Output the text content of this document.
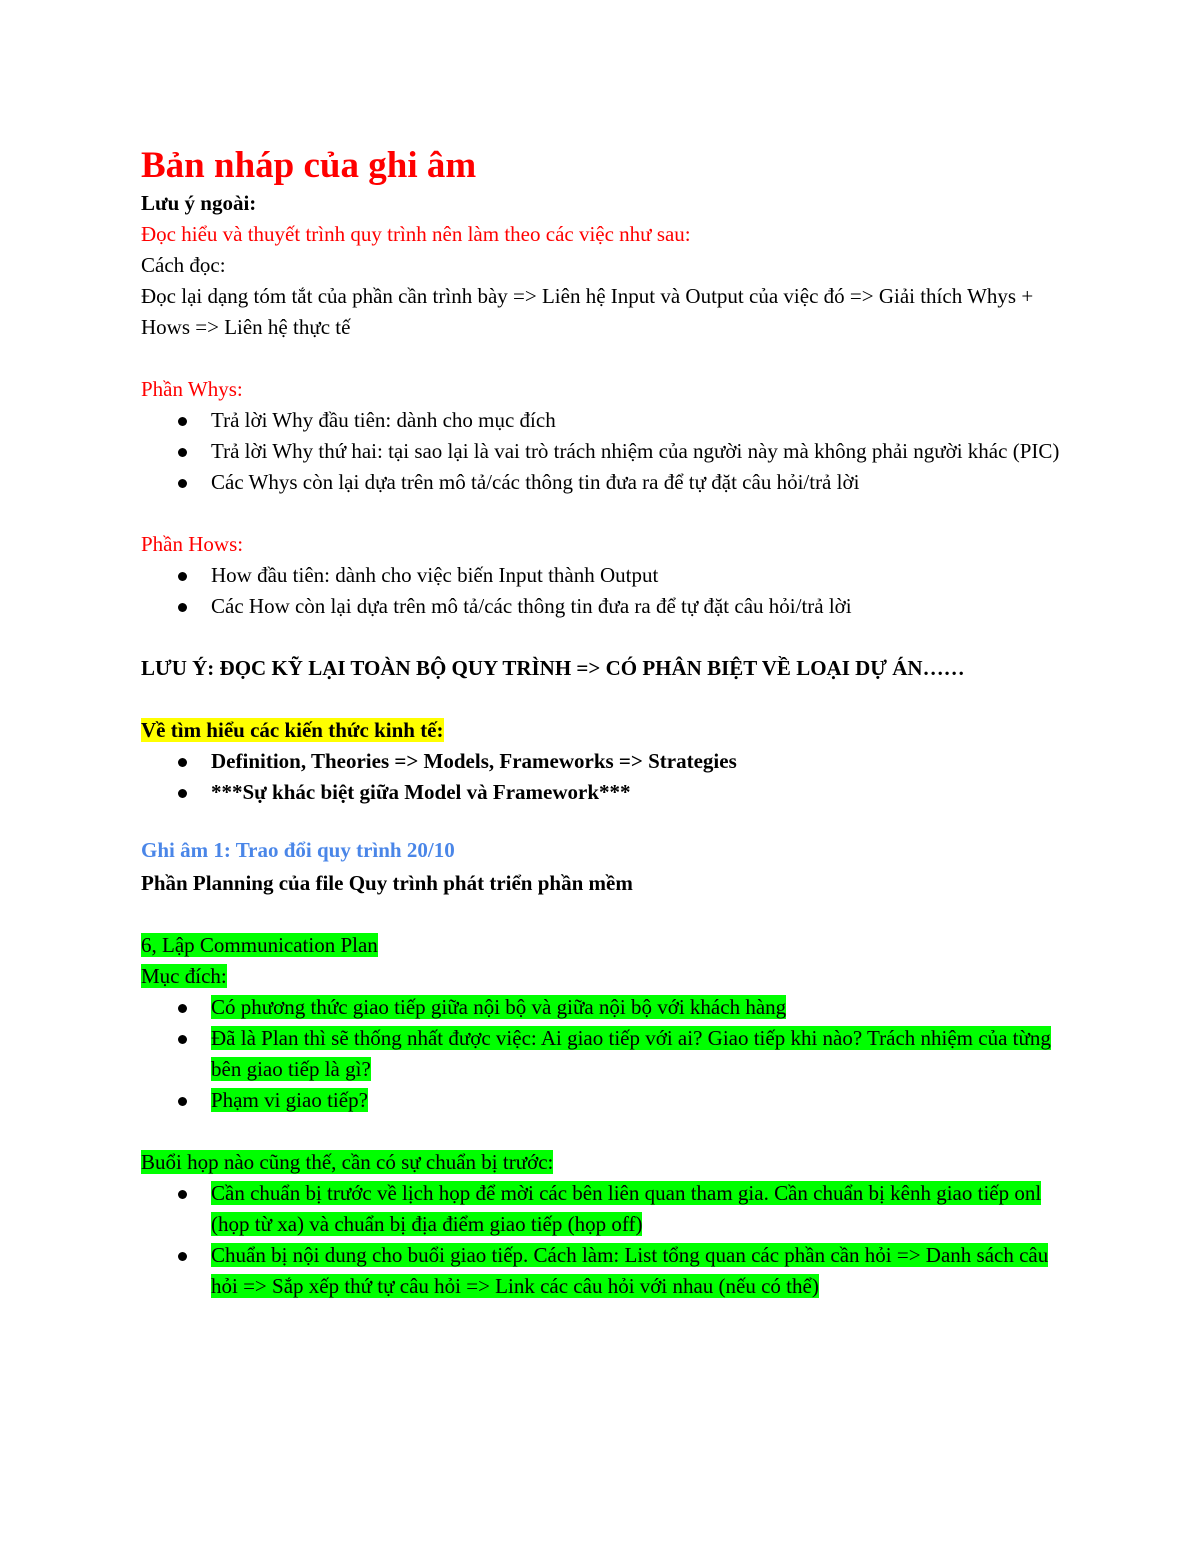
Bản nháp của ghi âm

Lưu ý ngoài:

Đọc hiểu và thuyết trình quy trình nên làm theo các việc như sau:

Cách đọc:

Đọc lại dạng tóm tắt của phần cần trình bày => Liên hệ Input và Output của việc đó => Giải thích Whys + Hows => Liên hệ thực tế

Phần Whys:

Trả lời Why đầu tiên: dành cho mục đích
Trả lời Why thứ hai: tại sao lại là vai trò trách nhiệm của người này mà không phải người khác (PIC)
Các Whys còn lại dựa trên mô tả/các thông tin đưa ra để tự đặt câu hỏi/trả lời

Phần Hows:

How đầu tiên: dành cho việc biến Input thành Output
Các How còn lại dựa trên mô tả/các thông tin đưa ra để tự đặt câu hỏi/trả lời

LƯU Ý: ĐỌC KỸ LẠI TOÀN BỘ QUY TRÌNH => CÓ PHÂN BIỆT VỀ LOẠI DỰ ÁN……

Về tìm hiểu các kiến thức kinh tế:

Definition, Theories => Models, Frameworks => Strategies
***Sự khác biệt giữa Model và Framework***

Ghi âm 1: Trao đổi quy trình 20/10

Phần Planning của file Quy trình phát triển phần mềm

6, Lập Communication Plan

Mục đích:

Có phương thức giao tiếp giữa nội bộ và giữa nội bộ với khách hàng
Đã là Plan thì sẽ thống nhất được việc: Ai giao tiếp với ai? Giao tiếp khi nào? Trách nhiệm của từng bên giao tiếp là gì?
Phạm vi giao tiếp?

Buổi họp nào cũng thế, cần có sự chuẩn bị trước:

Cần chuẩn bị trước về lịch họp để mời các bên liên quan tham gia. Cần chuẩn bị kênh giao tiếp onl (họp từ xa) và chuẩn bị địa điểm giao tiếp (họp off)
Chuẩn bị nội dung cho buổi giao tiếp. Cách làm: List tổng quan các phần cần hỏi => Danh sách câu hỏi => Sắp xếp thứ tự câu hỏi => Link các câu hỏi với nhau (nếu có thể)
